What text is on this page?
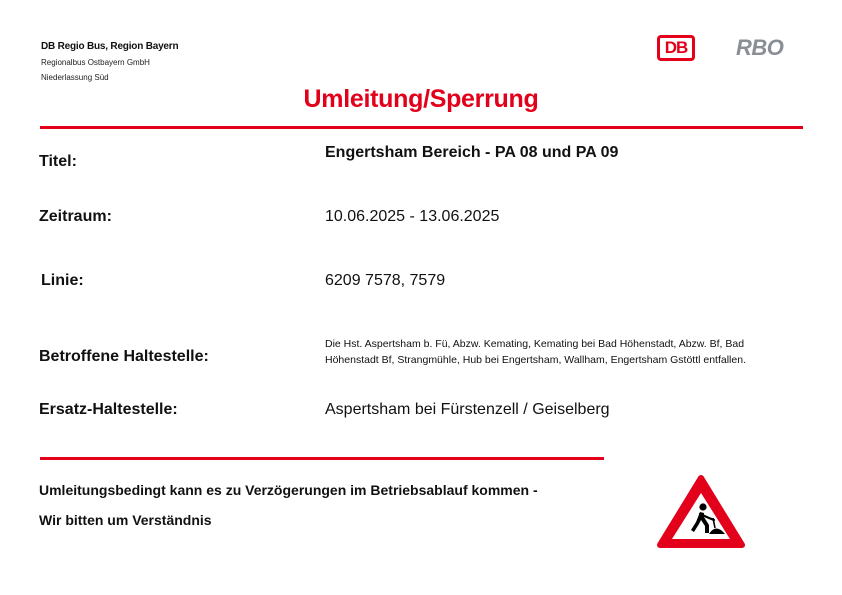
DB Regio Bus, Region Bayern
Regionalbus Ostbayern GmbH
Niederlassung Süd
DB	RBO
Umleitung/Sperrung
Titel:
Engertsham Bereich - PA 08 und PA 09
Zeitraum:	10.06.2025 - 13.06.2025
Linie:	6209 7578, 7579
Betroffene Haltestelle:
Die Hst. Aspertsham b. Fü, Abzw. Kemating, Kemating bei Bad Höhenstadt, Abzw. Bf, Bad Höhenstadt Bf, Strangmühle, Hub bei Engertsham, Wallham, Engertsham Gstöttl entfallen.
Ersatz-Haltestelle:	Aspertsham bei Fürstenzell / Geiselberg
Umleitungsbedingt kann es zu Verzögerungen im Betriebsablauf kommen -
Wir bitten um Verständnis
